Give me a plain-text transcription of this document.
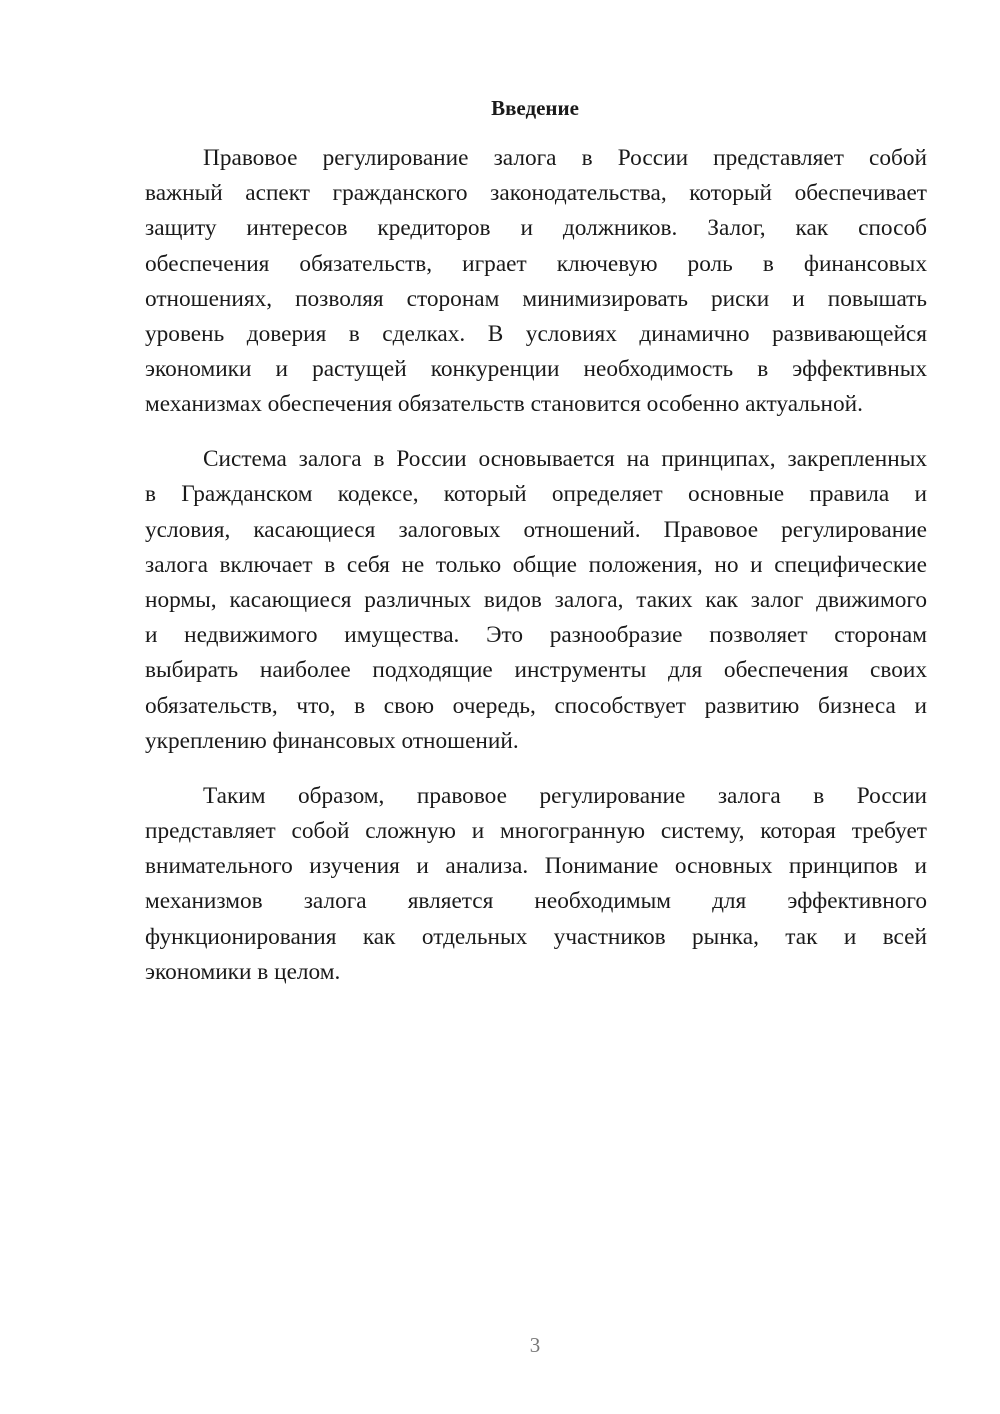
Введение
Правовое регулирование залога в России представляет собой
важный аспект гражданского законодательства, который обеспечивает
защиту интересов кредиторов и должников. Залог, как способ
обеспечения обязательств, играет ключевую роль в финансовых
отношениях, позволяя сторонам минимизировать риски и повышать
уровень доверия в сделках. В условиях динамично развивающейся
экономики и растущей конкуренции необходимость в эффективных
механизмах обеспечения обязательств становится особенно актуальной.
Система залога в России основывается на принципах, закрепленных
в Гражданском кодексе, который определяет основные правила и
условия, касающиеся залоговых отношений. Правовое регулирование
залога включает в себя не только общие положения, но и специфические
нормы, касающиеся различных видов залога, таких как залог движимого
и недвижимого имущества. Это разнообразие позволяет сторонам
выбирать наиболее подходящие инструменты для обеспечения своих
обязательств, что, в свою очередь, способствует развитию бизнеса и
укреплению финансовых отношений.
Таким образом, правовое регулирование залога в России
представляет собой сложную и многогранную систему, которая требует
внимательного изучения и анализа. Понимание основных принципов и
механизмов залога является необходимым для эффективного
функционирования как отдельных участников рынка, так и всей
экономики в целом.
3
